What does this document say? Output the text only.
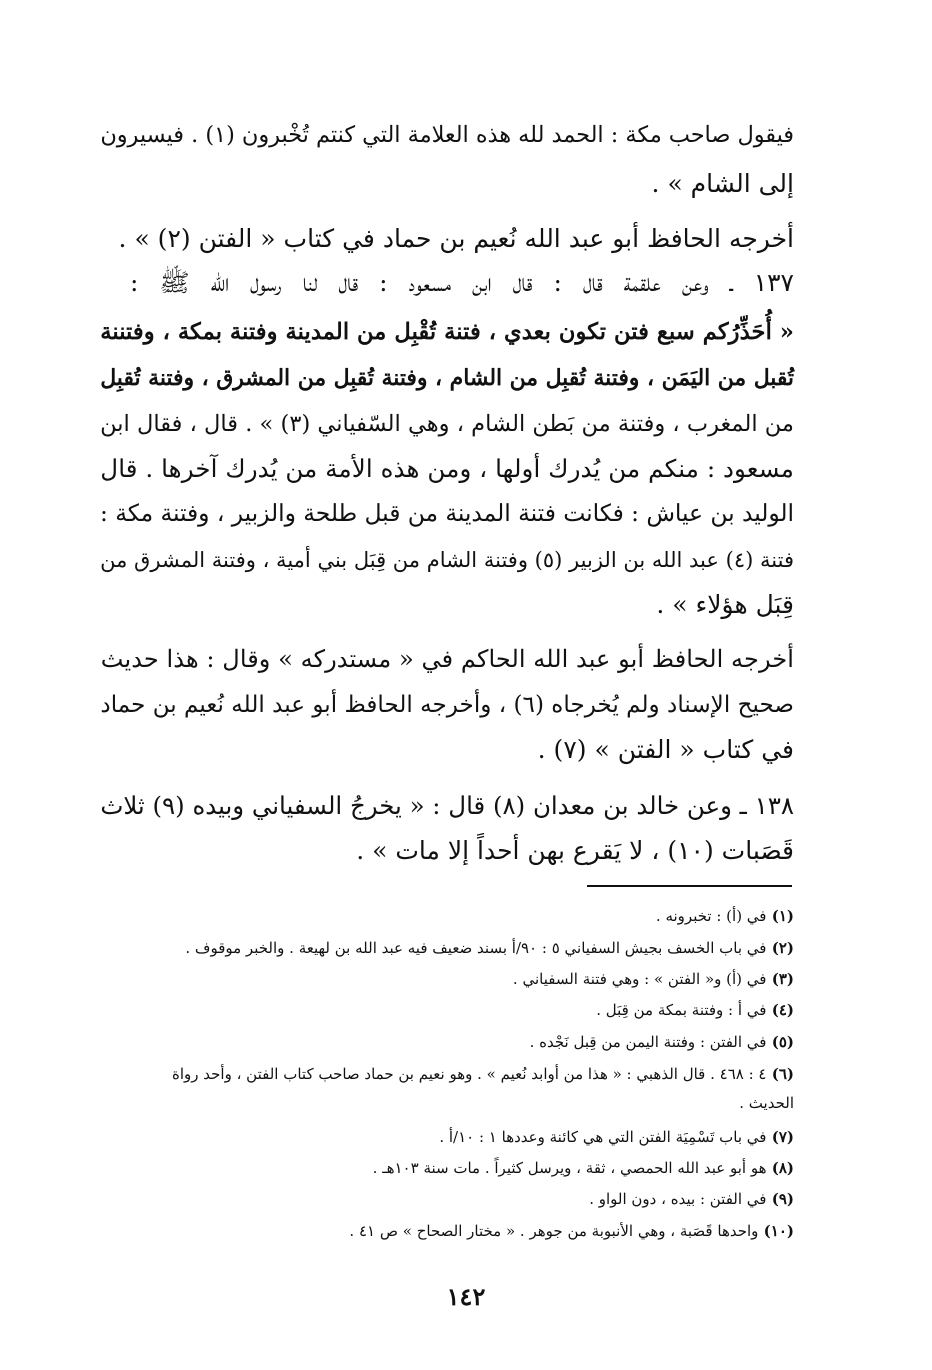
فيقول صاحب مكة : الحمد لله هذه العلامة التي كنتم تُخْبرون (١) . فيسيرون
إلى الشام » .
أخرجه الحافظ أبو عبد الله نُعيم بن حماد في كتاب « الفتن (٢) » .
١٣٧ ـ وعن علقمة قال : قال ابن مسعود : قال لنا رسول الله ﷺ :
« أُحَذِّرُكم سبع فتن تكون بعدي ، فتنة تُقْبِل من المدينة وفتنة بمكة ، وفتننة
تُقبل من اليَمَن ، وفتنة تُقبِل من الشام ، وفتنة تُقبِل من المشرق ، وفتنة تُقبِل
من المغرب ، وفتنة من بَطن الشام ، وهي السّفياني (٣) » . قال ، فقال ابن
مسعود : منكم من يُدرك أولها ، ومن هذه الأمة من يُدرك آخرها . قال
الوليد بن عياش : فكانت فتنة المدينة من قبل طلحة والزبير ، وفتنة مكة :
فتنة (٤) عبد الله بن الزبير (٥) وفتنة الشام من قِبَل بني أمية ، وفتنة المشرق من
قِبَل هؤلاء » .
أخرجه الحافظ أبو عبد الله الحاكم في « مستدركه » وقال : هذا حديث
صحيح الإسناد ولم يُخرجاه (٦) ، وأخرجه الحافظ أبو عبد الله نُعيم بن حماد
في كتاب « الفتن » (٧) .
١٣٨ ـ وعن خالد بن معدان (٨) قال : « يخرجُ السفياني وبيده (٩) ثلاث
قَصَبات (١٠) ، لا يَقرع بهن أحداً إلا مات » .
(١) في (أ) : تخبرونه .
(٢) في باب الخسف بجيش السفياني ٥ : ٩٠/أ بسند ضعيف فيه عبد الله بن لهيعة . والخبر موقوف .
(٣) في (أ) و« الفتن » : وهي فتنة السفياني .
(٤) في أ : وفتنة بمكة من قِبَل .
(٥) في الفتن : وفتنة اليمن من قِبل نَجْده .
(٦) ٤ : ٤٦٨ . قال الذهبي : « هذا من أوابد نُعيم » . وهو نعيم بن حماد صاحب كتاب الفتن ، وأحد رواة
الحديث .
(٧) في باب تَسْمِيَة الفتن التي هي كائنة وعددها ١ : ١٠/أ .
(٨) هو أبو عبد الله الحمصي ، ثقة ، ويرسل كثيراً . مات سنة ١٠٣هـ .
(٩) في الفتن : بيده ، دون الواو .
(١٠) واحدها قَصَبة ، وهي الأنبوبة من جوهر . « مختار الصحاح » ص ٤١ .
١٤٢
